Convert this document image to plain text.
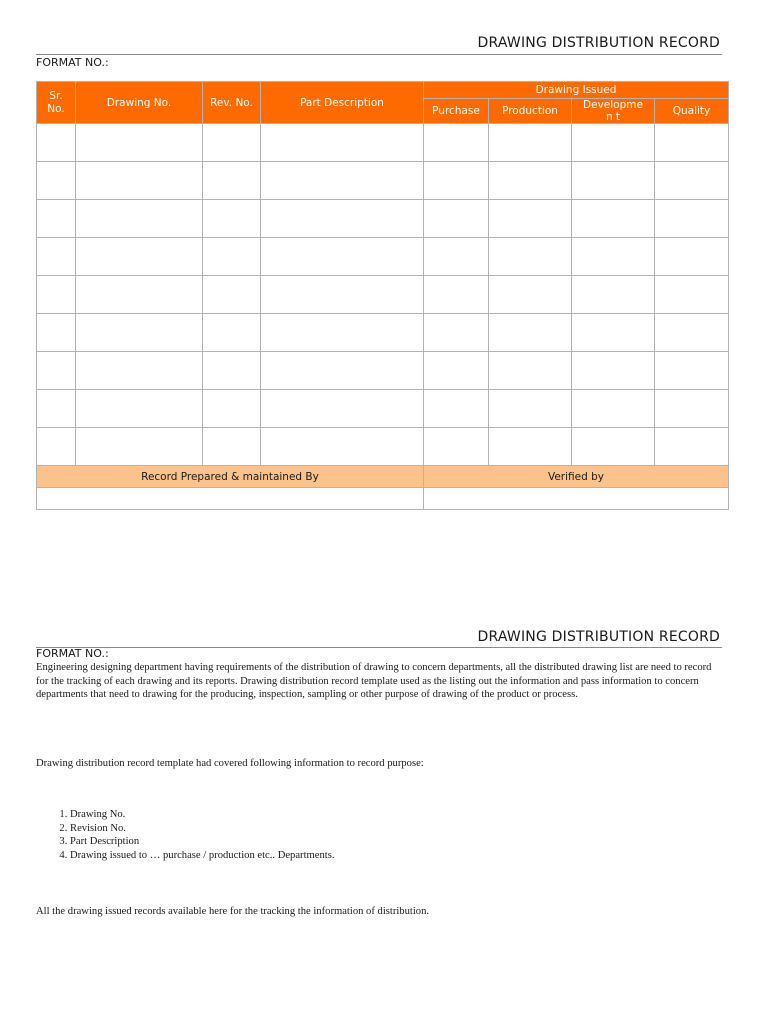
DRAWING DISTRIBUTION RECORD
FORMAT NO.:
Sr. No.	Drawing No.	Rev. No.	Part Description	Drawing Issued			
				Purchase	Production	Developmen t	Quality

Record Prepared & maintained By				Verified by			

DRAWING DISTRIBUTION RECORD
FORMAT NO.:

Engineering designing department having requirements of the distribution of drawing to concern departments, all the distributed drawing list are need to record for the tracking of each drawing and its reports. Drawing distribution record template used as the listing out the information and pass information to concern departments that need to drawing for the producing, inspection, sampling or other purpose of drawing of the product or process.

Drawing distribution record template had covered following information to record purpose:

1. Drawing No.
2. Revision No.
3. Part Description
4. Drawing issued to … purchase / production etc.. Departments.

All the drawing issued records available here for the tracking the information of distribution.
